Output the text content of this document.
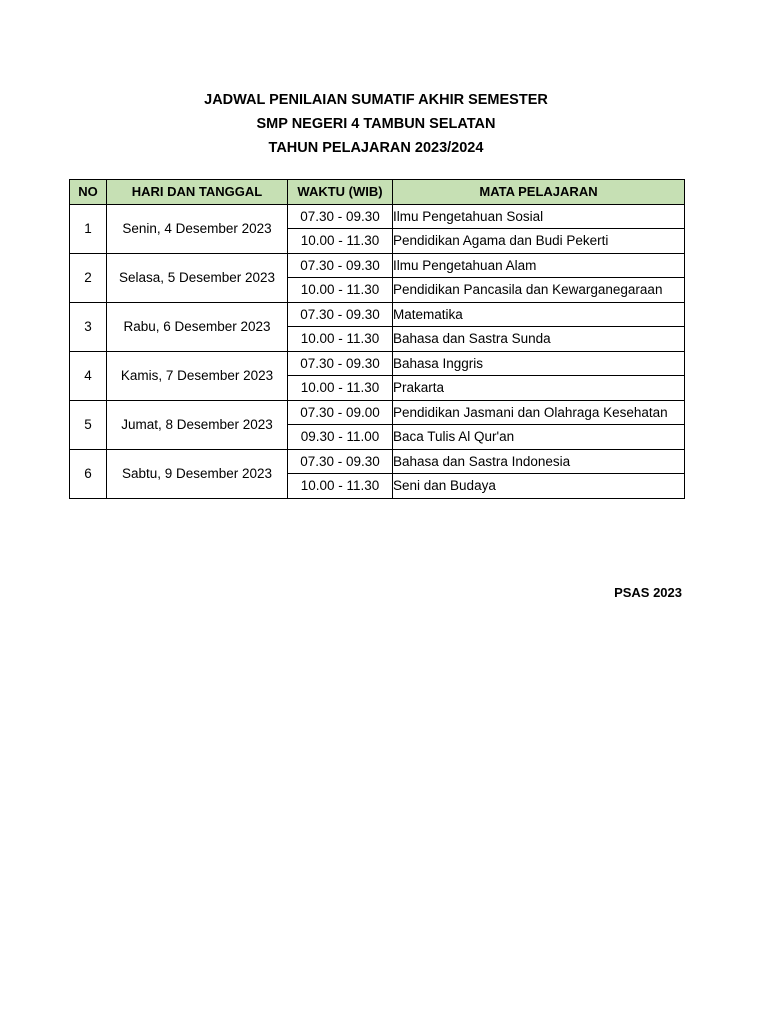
JADWAL PENILAIAN SUMATIF AKHIR SEMESTER
SMP NEGERI 4 TAMBUN SELATAN
TAHUN PELAJARAN 2023/2024
NO	HARI DAN TANGGAL	WAKTU (WIB)	MATA PELAJARAN
1	Senin, 4 Desember 2023	07.30 - 09.30	Ilmu Pengetahuan Sosial
		10.00 - 11.30	Pendidikan Agama dan Budi Pekerti
2	Selasa, 5 Desember 2023	07.30 - 09.30	Ilmu Pengetahuan Alam
		10.00 - 11.30	Pendidikan Pancasila dan Kewarganegaraan
3	Rabu, 6 Desember 2023	07.30 - 09.30	Matematika
		10.00 - 11.30	Bahasa dan Sastra Sunda
4	Kamis, 7 Desember 2023	07.30 - 09.30	Bahasa Inggris
		10.00 - 11.30	Prakarta
5	Jumat, 8 Desember 2023	07.30 - 09.00	Pendidikan Jasmani dan Olahraga Kesehatan
		09.30 - 11.00	Baca Tulis Al Qur'an
6	Sabtu, 9 Desember 2023	07.30 - 09.30	Bahasa dan Sastra Indonesia
		10.00 - 11.30	Seni dan Budaya
PSAS 2023
